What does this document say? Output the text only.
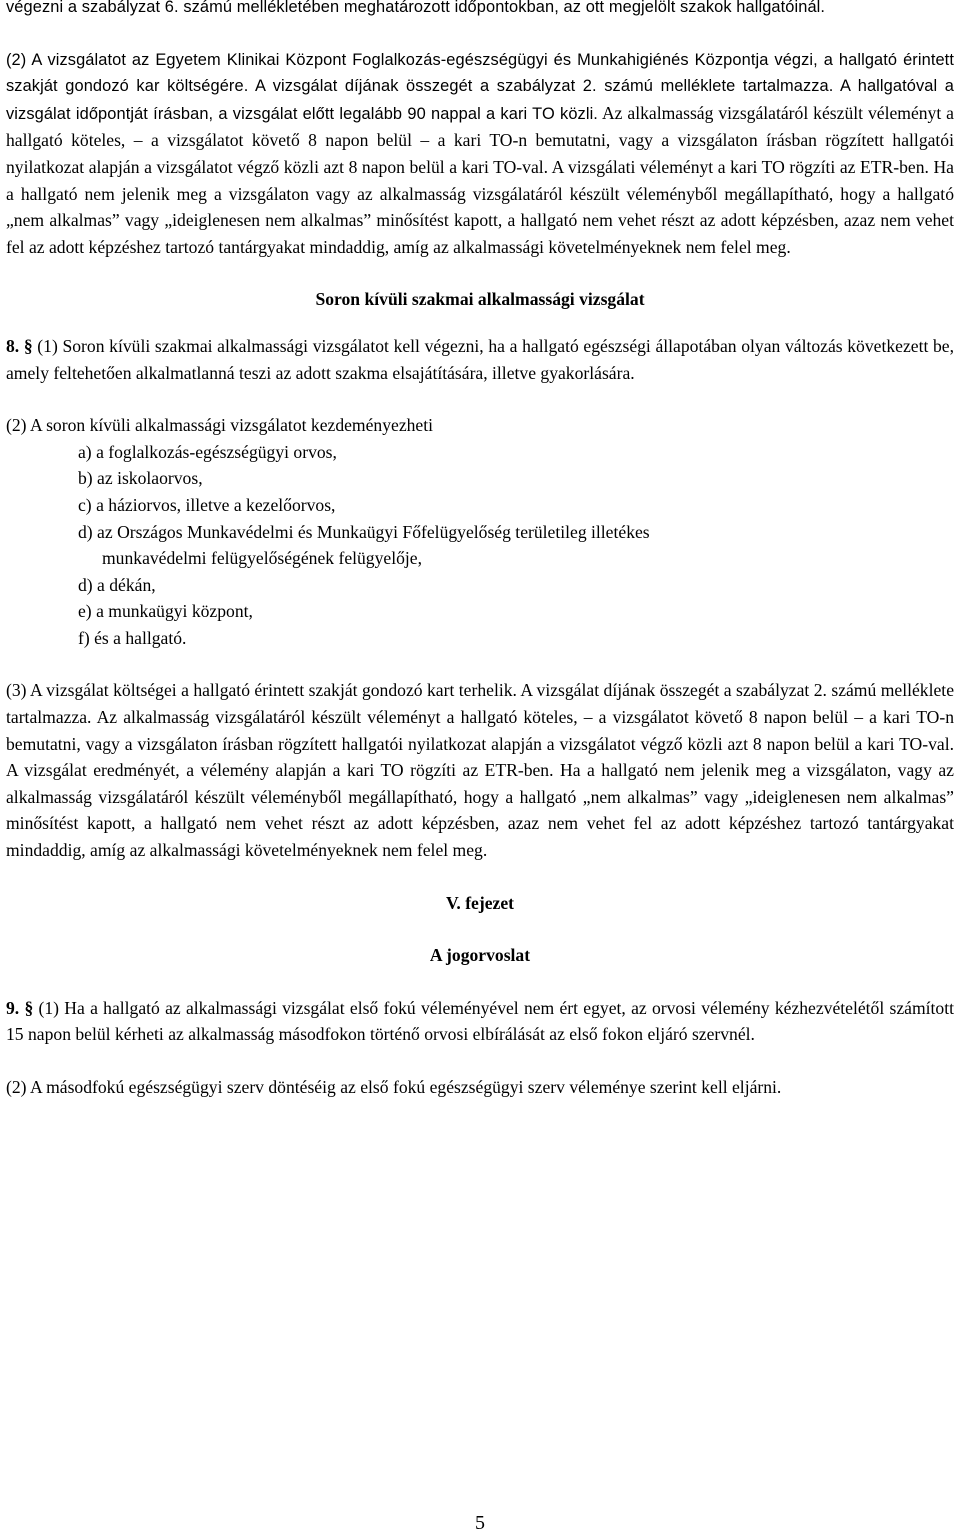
végezni a szabályzat 6. számú mellékletében meghatározott időpontokban, az ott megjelölt szakok hallgatóinál.

(2) A vizsgálatot az Egyetem Klinikai Központ Foglalkozás-egészségügyi és Munkahigiénés Központja végzi, a hallgató érintett szakját gondozó kar költségére. A vizsgálat díjának összegét a szabályzat 2. számú melléklete tartalmazza. A hallgatóval a vizsgálat időpontját írásban, a vizsgálat előtt legalább 90 nappal a kari TO közli. Az alkalmasság vizsgálatáról készült véleményt a hallgató köteles, – a vizsgálatot követő 8 napon belül – a kari TO-n bemutatni, vagy a vizsgálaton írásban rögzített hallgatói nyilatkozat alapján a vizsgálatot végző közli azt 8 napon belül a kari TO-val. A vizsgálati véleményt a kari TO rögzíti az ETR-ben. Ha a hallgató nem jelenik meg a vizsgálaton vagy az alkalmasság vizsgálatáról készült véleményből megállapítható, hogy a hallgató „nem alkalmas” vagy „ideiglenesen nem alkalmas” minősítést kapott, a hallgató nem vehet részt az adott képzésben, azaz nem vehet fel az adott képzéshez tartozó tantárgyakat mindaddig, amíg az alkalmassági követelményeknek nem felel meg.

Soron kívüli szakmai alkalmassági vizsgálat

8. § (1) Soron kívüli szakmai alkalmassági vizsgálatot kell végezni, ha a hallgató egészségi állapotában olyan változás következett be, amely feltehetően alkalmatlanná teszi az adott szakma elsajátítására, illetve gyakorlására.

(2) A soron kívüli alkalmassági vizsgálatot kezdeményezheti

a) a foglalkozás-egészségügyi orvos,
b) az iskolaorvos,
c) a háziorvos, illetve a kezelőorvos,
d) az Országos Munkavédelmi és Munkaügyi Főfelügyelőség területileg illetékes
munkavédelmi felügyelőségének felügyelője,
d) a dékán,
e) a munkaügyi központ,
f) és a hallgató.

(3) A vizsgálat költségei a hallgató érintett szakját gondozó kart terhelik. A vizsgálat díjának összegét a szabályzat 2. számú melléklete tartalmazza. Az alkalmasság vizsgálatáról készült véleményt a hallgató köteles, – a vizsgálatot követő 8 napon belül – a kari TO-n bemutatni, vagy a vizsgálaton írásban rögzített hallgatói nyilatkozat alapján a vizsgálatot végző közli azt 8 napon belül a kari TO-val. A vizsgálat eredményét, a vélemény alapján a kari TO rögzíti az ETR-ben. Ha a hallgató nem jelenik meg a vizsgálaton, vagy az alkalmasság vizsgálatáról készült véleményből megállapítható, hogy a hallgató „nem alkalmas” vagy „ideiglenesen nem alkalmas” minősítést kapott, a hallgató nem vehet részt az adott képzésben, azaz nem vehet fel az adott képzéshez tartozó tantárgyakat mindaddig, amíg az alkalmassági követelményeknek nem felel meg.

V. fejezet
A jogorvoslat

9. § (1) Ha a hallgató az alkalmassági vizsgálat első fokú véleményével nem ért egyet, az orvosi vélemény kézhezvételétől számított 15 napon belül kérheti az alkalmasság másodfokon történő orvosi elbírálását az első fokon eljáró szervnél.

(2) A másodfokú egészségügyi szerv döntéséig az első fokú egészségügyi szerv véleménye szerint kell eljárni.

5
